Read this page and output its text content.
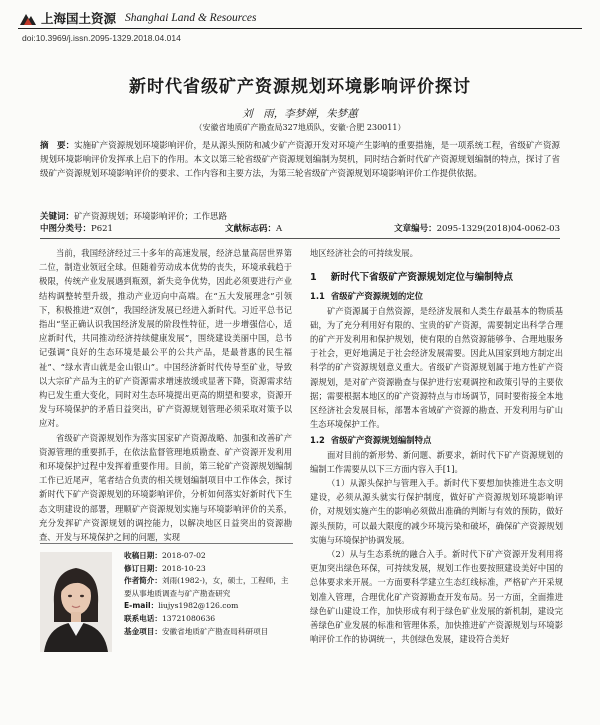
上海国土资源 Shanghai Land & Resources
doi:10.3969/j.issn.2095-1329.2018.04.014
新时代省级矿产资源规划环境影响评价探讨
刘　雨，李梦婵，朱梦蕙
（安徽省地质矿产勘查局327地质队，安徽·合肥 230011）
摘　要：实施矿产资源规划环境影响评价，是从源头预防和减少矿产资源开发对环境产生影响的重要措施，是一项系统工程，省级矿产资源规划环境影响评价发挥承上启下的作用。本文以第三轮省级矿产资源规划编制为契机，同时结合新时代矿产资源规划编制的特点，探讨了省级矿产资源规划环境影响评价的要求、工作内容和主要方法，为第三轮省级矿产资源规划环境影响评价工作提供依据。
关键词：矿产资源规划；环境影响评价；工作思路
中图分类号：P621	文献标志码：A	文章编号：2095-1329(2018)04-0062-03

当前，我国经济经过三十多年的高速发展，经济总量高居世界第二位，制造业领冠全球。但随着劳动成本优势的丧失，环境承载趋于极限，传统产业发展遇到瓶颈，新失竞争优势，因此必须要进行产业结构调整转型升级，推动产业迈向中高端。在“五大发展理念”引领下，积极推进“双创”，我国经济发展已经进入新时代。习近平总书记指出“坚正确认识我国经济发展的阶段性特征，进一步增强信心，适应新时代，共同推动经济持续健康发展”，围绕建设美丽中国，总书记强调“良好的生态环境是最公平的公共产品，是最普惠的民生福祉”、“绿水青山就是金山银山”。中国经济新时代传导至矿业，导致以大宗矿产品为主的矿产资源需求增速放缓或显著下降，资源需求结构已发生重大变化，同时对生态环境提出更高的期望和要求，资源开发与环境保护的矛盾日益突出，矿产资源规划管理必须采取对策予以应对。

省级矿产资源规划作为落实国家矿产资源战略、加强和改善矿产资源管理的重要抓手，在依法监督管理地质勘查、矿产资源开发利用和环境保护过程中发挥着重要作用。目前，第三轮矿产资源规划编制工作已近尾声，笔者结合负责的相关规划编制项目中工作体会，探讨新时代下矿产资源规划的环境影响评价，分析如何落实好新时代下生态文明建设的部署，理顺矿产资源规划实施与环境影响评价的关系，充分发挥矿产资源规划的调控能力，以解决地区日益突出的资源勘查、开发与环境保护之间的问题，实现

地区经济社会的可持续发展。

1 新时代下省级矿产资源规划定位与编制特点
1.1 省级矿产资源规划的定位

矿产资源属于自然资源，是经济发展和人类生存最基本的物质基础，为了充分利用好有限的、宝贵的矿产资源，需要制定出科学合理的矿产开发利用和保护规划，使有限的自然资源能够争、合理地服务于社会，更好地满足于社会经济发展需要。因此从国家到地方制定出科学的矿产资源规划意义重大。省级矿产资源规划属于地方性矿产资源规划，是对矿产资源勘查与保护进行宏观调控和政策引导的主要依据；需要根据本地区的矿产资源特点与市场调节，同时要衔接全本地区经济社会发展目标，部署本省域矿产资源的勘查、开发利用与矿山生态环境保护工作。

1.2 省级矿产资源规划编制特点

面对目前的新形势、新问题、新要求，新时代下矿产资源规划的编制工作需要从以下三方面内容入手[1]。

（1）从源头保护与管理入手。新时代下要想加快推进生态文明建设，必须从源头就实行保护制度，做好矿产资源规划环境影响评价，对规划实施产生的影响必须做出准确的判断与有效的预防，做好源头预防，可以最大限度的减少环境污染和破坏，确保矿产资源规划实施与环境保护协调发展。

（2）从与生态系统的融合入手。新时代下矿产资源开发利用将更加突出绿色环保，可持续发展，规划工作也要按照建设美好中国的总体要求来开展。一方面要科学建立生态红线标准，严格矿产开采规划准入管理，合理优化矿产资源勘查开发布局。另一方面，全面推进绿色矿山建设工作，加快形成有利于绿色矿业发展的新机制，建设完善绿色矿业发展的标准和管理体系，加快推进矿产资源规划与环境影响评价工作的协调统一，共创绿色发展，建设符合美好

收稿日期：2018-07-02
修订日期：2018-10-23
作者简介：刘雨(1982-)，女，硕士，工程师，主要从事地质调查与矿产勘查研究
E-mail：liujys1982@126.com
联系电话：13721080636
基金项目：安徽省地质矿产勘查局科研项目
